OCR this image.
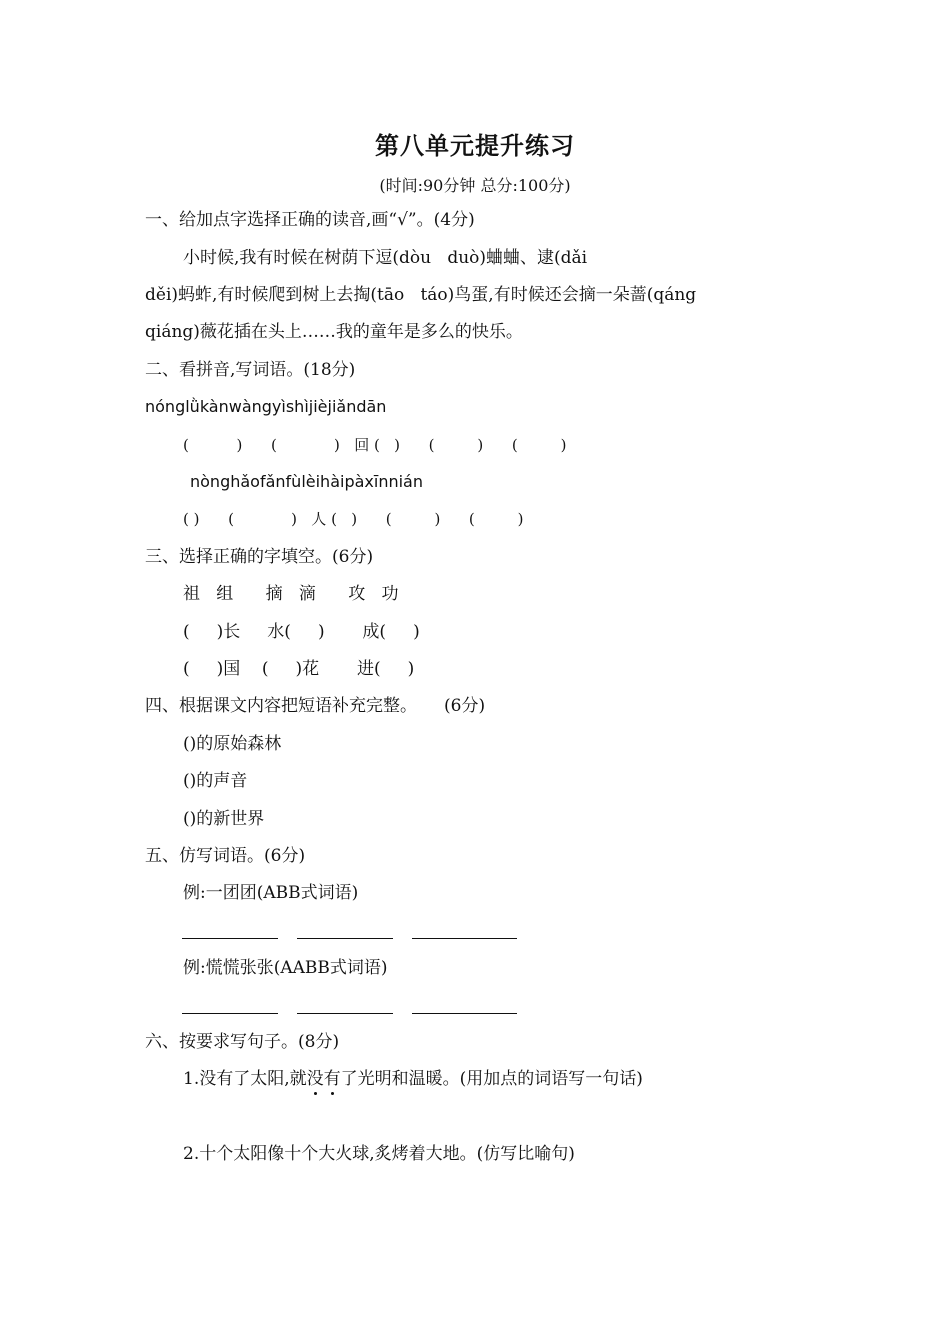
第八单元提升练习
(时间:90分钟 总分:100分)
一、给加点字选择正确的读音,画“√”。(4分)
小时候,我有时候在树荫下逗(dòu   duò)蛐蛐、逮(dǎi
děi)蚂蚱,有时候爬到树上去掏(tāo   táo)鸟蛋,有时候还会摘一朵蔷(qáng
qiáng)薇花插在头上……我的童年是多么的快乐。
二、看拼音,写词语。(18分)
nónglǜkànwàngyìshìjièjiǎndān
(          )      (            )   回 (   )      (         )      (         )
nònghǎofǎnfùlèihàipàxīnnián
( )      (            )   人 (   )      (         )      (         )
三、选择正确的字填空。(6分)
祖   组      摘   滴      攻   功
(     )长     水(     )       成(     )
(     )国    (     )花       进(     )
四、根据课文内容把短语补充完整。     (6分)
()的原始森林
()的声音
()的新世界
五、仿写词语。(6分)
例:一团团(ABB式词语)
例:慌慌张张(AABB式词语)
六、按要求写句子。(8分)
1.没有了太阳,就没有了光明和温暖。(用加点的词语写一句话)
2.十个太阳像十个大火球,炙烤着大地。(仿写比喻句)
